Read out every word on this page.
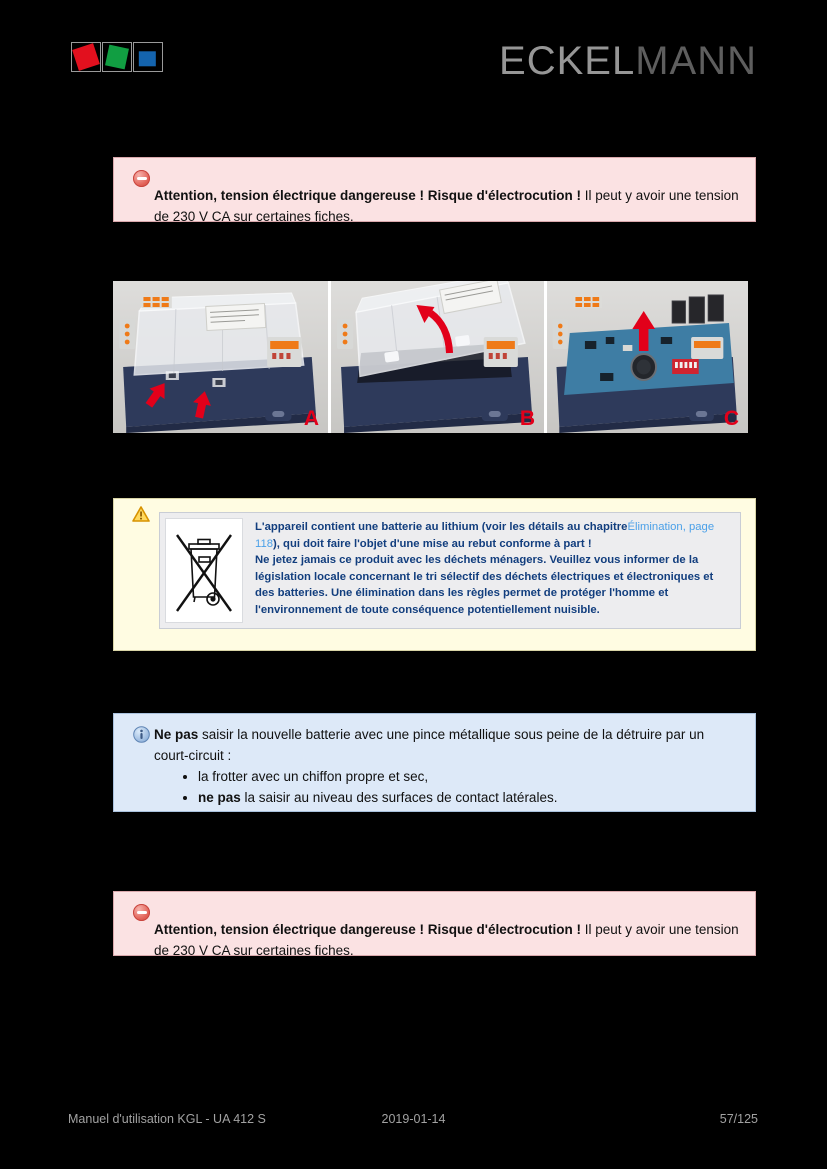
ECKELMANN

Attention, tension électrique dangereuse ! Risque d'électrocution ! Il peut y avoir une tension de 230 V CA sur certaines fiches.

A	B	C

L'appareil contient une batterie au lithium (voir les détails au chapitreÉlimination, page 118), qui doit faire l'objet d'une mise au rebut conforme à part !

Ne jetez jamais ce produit avec les déchets ménagers. Veuillez vous informer de la législation locale concernant le tri sélectif des déchets électriques et électroniques et des batteries. Une élimination dans les règles permet de protéger l'homme et l'environnement de toute conséquence potentiellement nuisible.

Ne pas saisir la nouvelle batterie avec une pince métallique sous peine de la détruire par un court-circuit :

• la frotter avec un chiffon propre et sec,
• ne pas la saisir au niveau des surfaces de contact latérales.

Attention, tension électrique dangereuse ! Risque d'électrocution ! Il peut y avoir une tension de 230 V CA sur certaines fiches.

Manuel d'utilisation KGL - UA 412 S	2019-01-14	57/125
